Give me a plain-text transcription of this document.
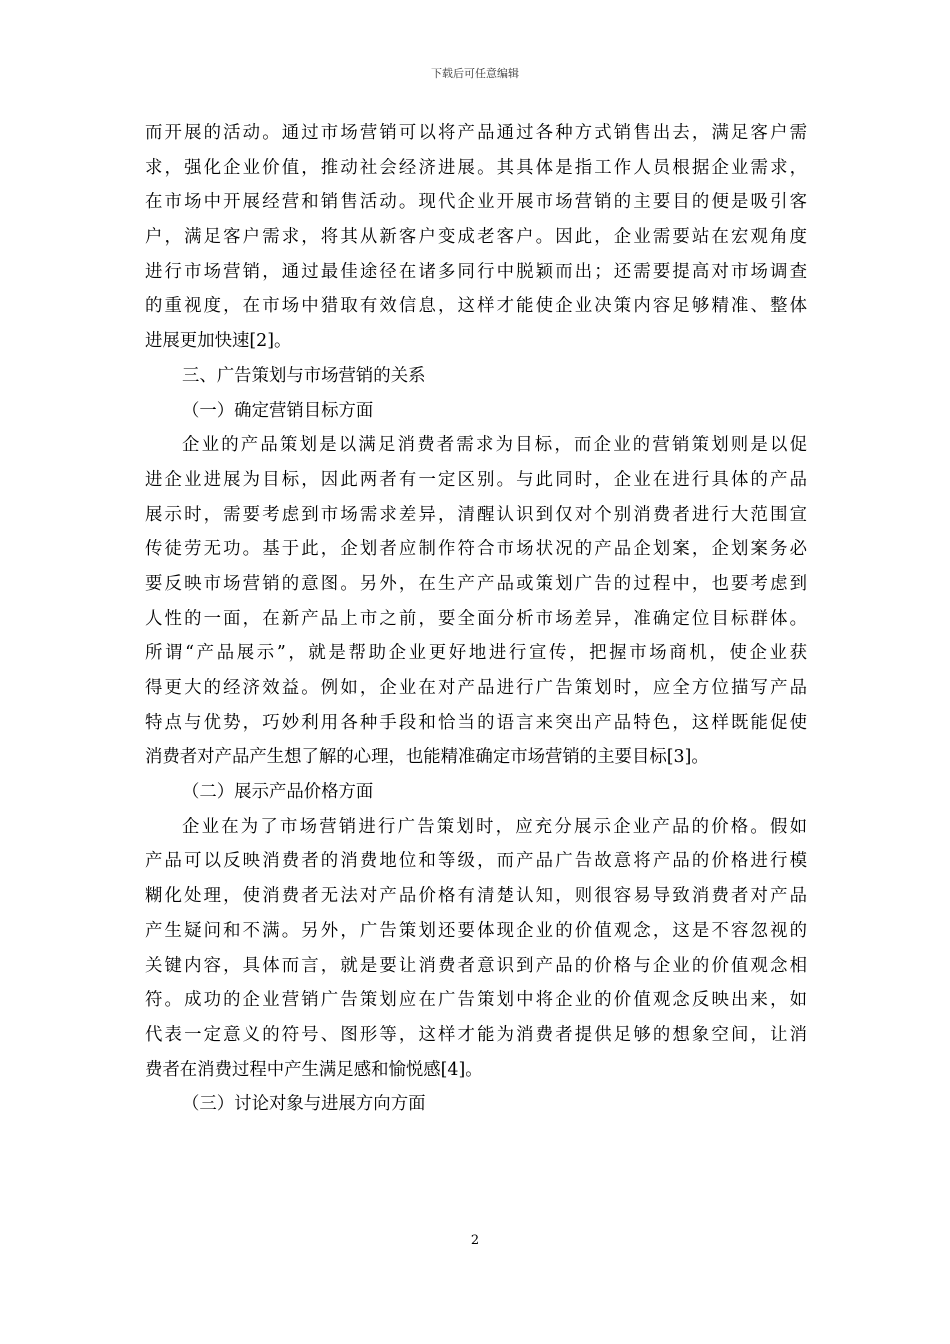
下载后可任意编辑
而开展的活动。通过市场营销可以将产品通过各种方式销售出去，满足客户需
求，强化企业价值，推动社会经济进展。其具体是指工作人员根据企业需求，
在市场中开展经营和销售活动。现代企业开展市场营销的主要目的便是吸引客
户，满足客户需求，将其从新客户变成老客户。因此，企业需要站在宏观角度
进行市场营销，通过最佳途径在诸多同行中脱颖而出；还需要提高对市场调查
的重视度，在市场中猎取有效信息，这样才能使企业决策内容足够精准、整体
进展更加快速[2]。
三、广告策划与市场营销的关系
（一）确定营销目标方面
企业的产品策划是以满足消费者需求为目标，而企业的营销策划则是以促
进企业进展为目标，因此两者有一定区别。与此同时，企业在进行具体的产品
展示时，需要考虑到市场需求差异，清醒认识到仅对个别消费者进行大范围宣
传徒劳无功。基于此，企划者应制作符合市场状况的产品企划案，企划案务必
要反映市场营销的意图。另外，在生产产品或策划广告的过程中，也要考虑到
人性的一面，在新产品上市之前，要全面分析市场差异，准确定位目标群体。
所谓“产品展示”，就是帮助企业更好地进行宣传，把握市场商机，使企业获
得更大的经济效益。例如，企业在对产品进行广告策划时，应全方位描写产品
特点与优势，巧妙利用各种手段和恰当的语言来突出产品特色，这样既能促使
消费者对产品产生想了解的心理，也能精准确定市场营销的主要目标[3]。
（二）展示产品价格方面
企业在为了市场营销进行广告策划时，应充分展示企业产品的价格。假如
产品可以反映消费者的消费地位和等级，而产品广告故意将产品的价格进行模
糊化处理，使消费者无法对产品价格有清楚认知，则很容易导致消费者对产品
产生疑问和不满。另外，广告策划还要体现企业的价值观念，这是不容忽视的
关键内容，具体而言，就是要让消费者意识到产品的价格与企业的价值观念相
符。成功的企业营销广告策划应在广告策划中将企业的价值观念反映出来，如
代表一定意义的符号、图形等，这样才能为消费者提供足够的想象空间，让消
费者在消费过程中产生满足感和愉悦感[4]。
（三）讨论对象与进展方向方面
2
